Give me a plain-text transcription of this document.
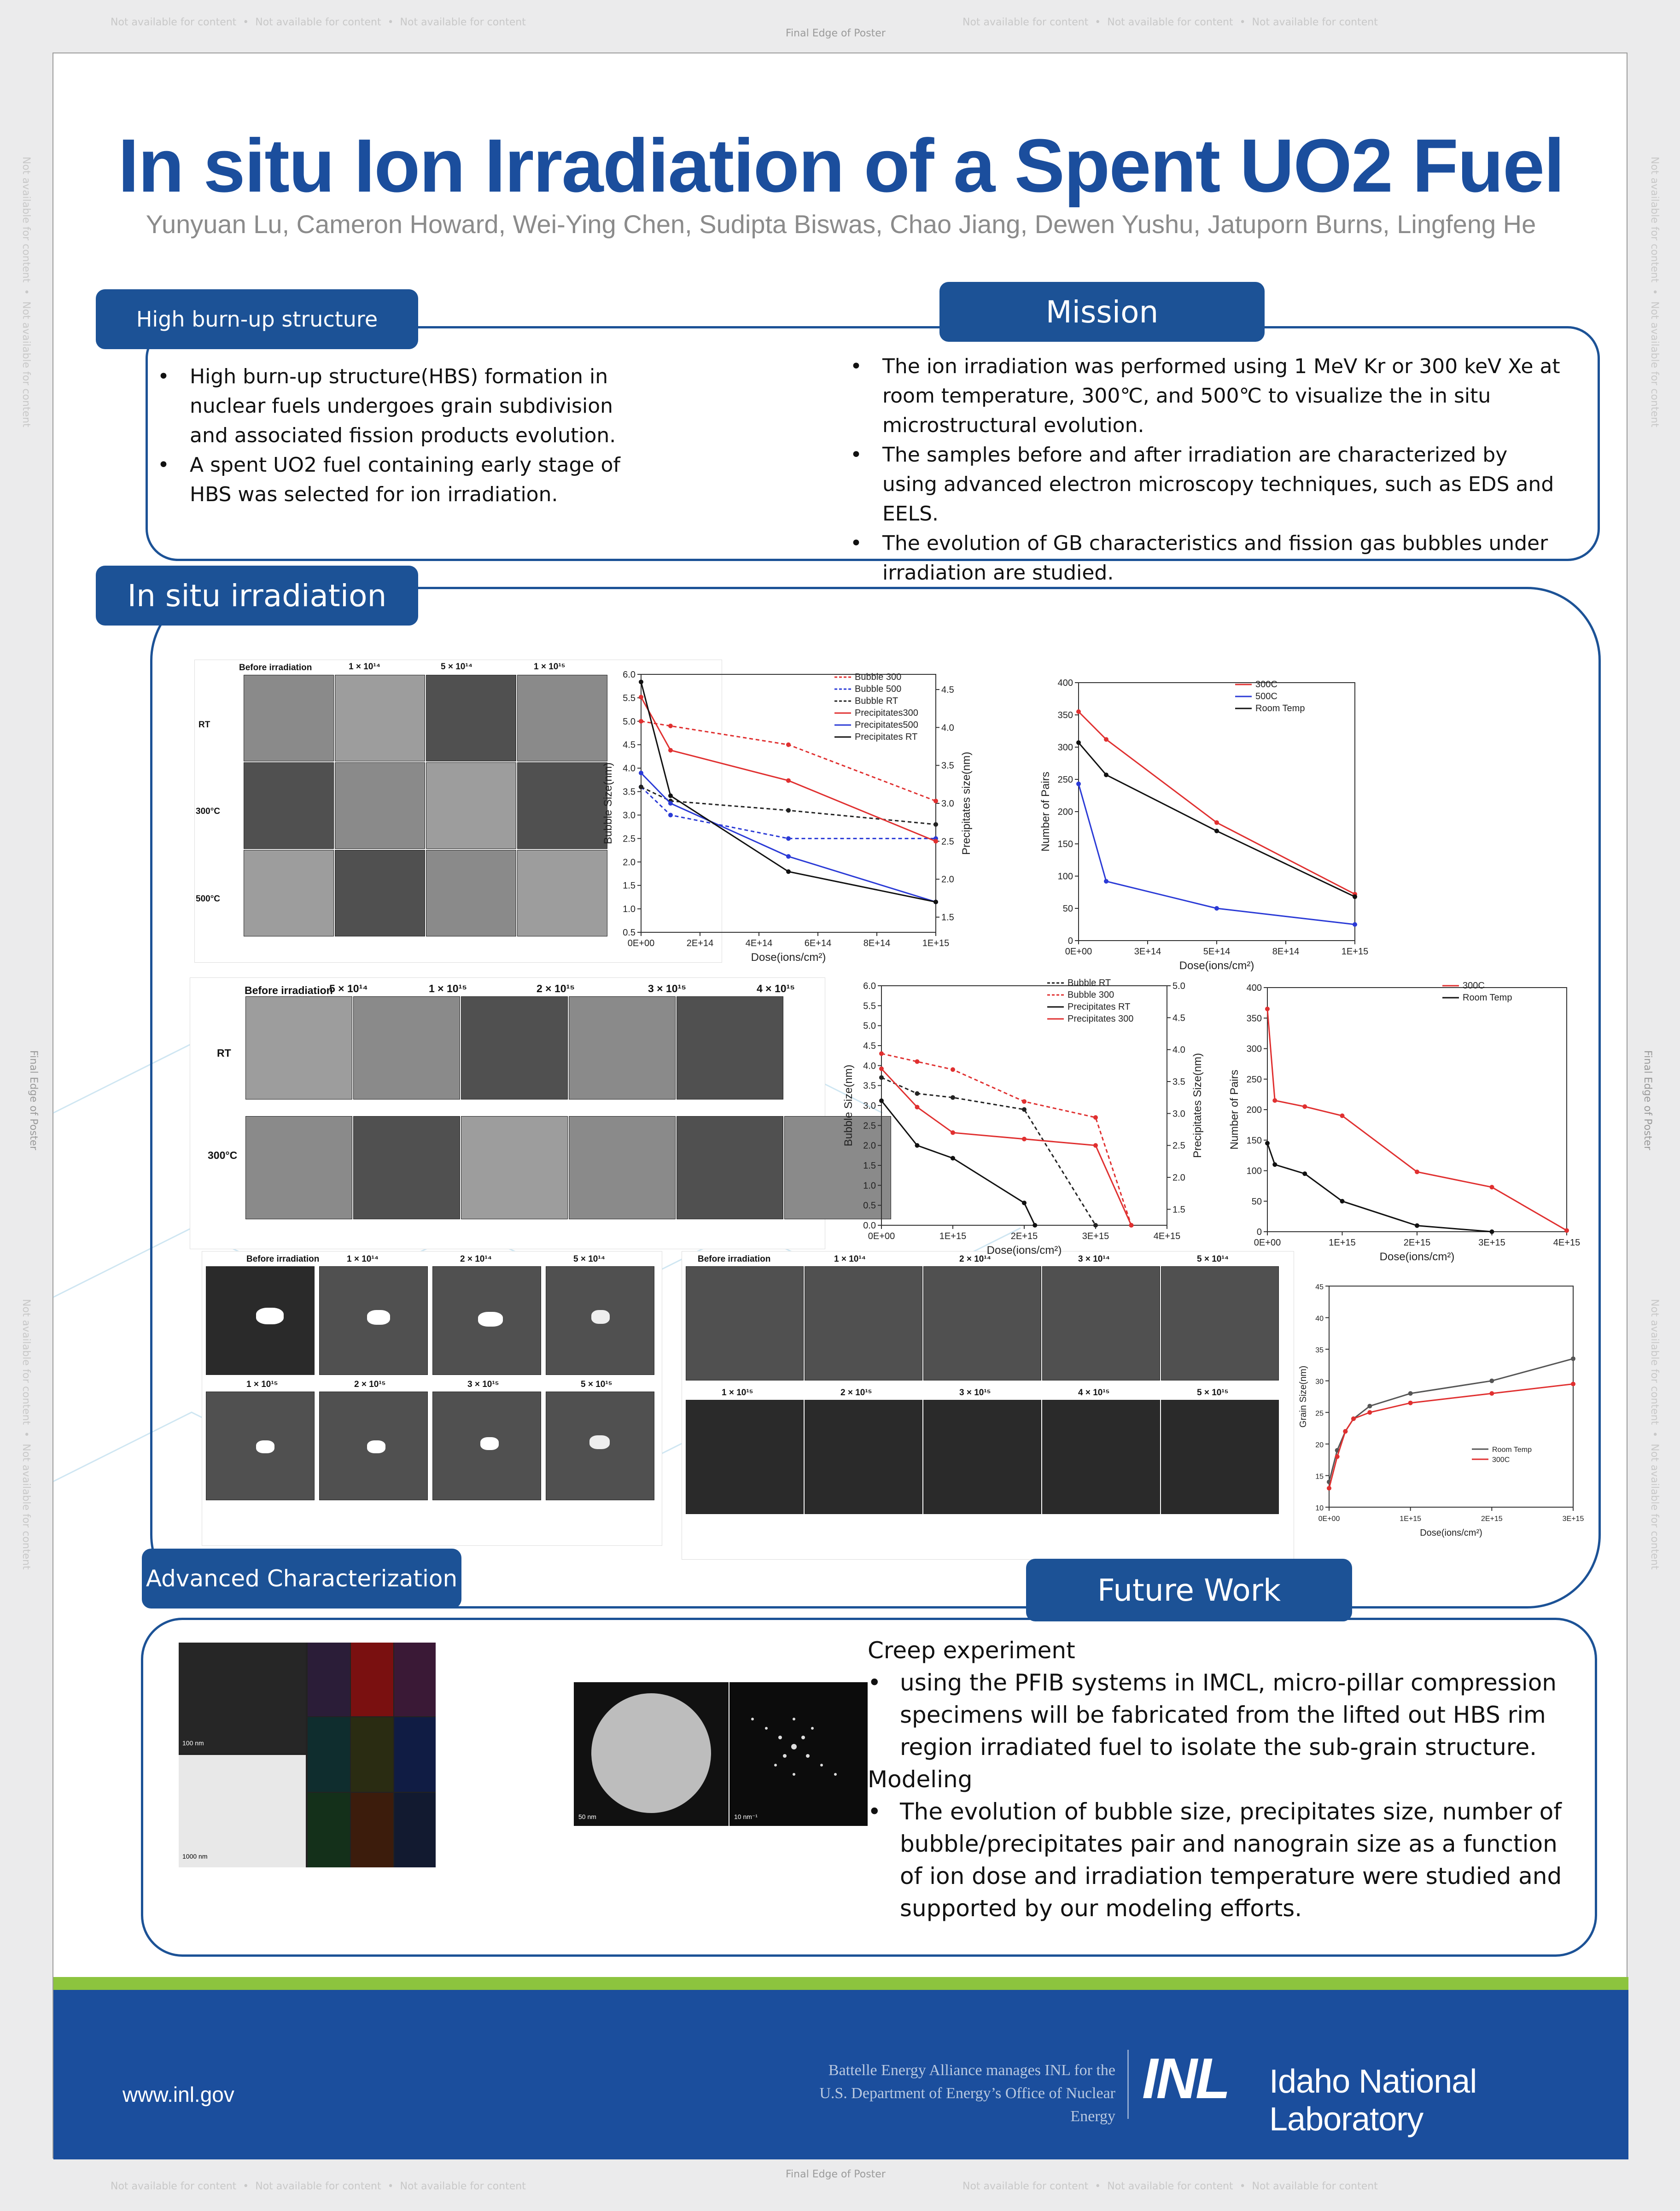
Not available for content  •  Not available for content  •  Not available for content	Not available for content  •  Not available for content  •  Not available for content
Final Edge of Poster
Final Edge of Poster
Not available for content  •  Not available for content  •  Not available for content	Not available for content  •  Not available for content  •  Not available for content
Not available for content  •  Not available for content
Final Edge of Poster
Not available for content  •  Not available for content
Not available for content  •  Not available for content
Final Edge of Poster
Not available for content  •  Not available for content
In situ Ion Irradiation of a Spent UO2 Fuel
Yunyuan Lu, Cameron Howard, Wei-Ying Chen, Sudipta Biswas, Chao Jiang, Dewen Yushu, Jatuporn Burns, Lingfeng He
High burn-up structure	Mission
• High burn-up structure(HBS) formation in nuclear fuels undergoes grain subdivision and associated fission products evolution.
• A spent UO2 fuel containing early stage of HBS was selected for ion irradiation.
• The ion irradiation was performed using 1 MeV Kr or 300 keV Xe at room temperature, 300℃, and 500℃ to visualize the in situ microstructural evolution.
• The samples before and after irradiation are characterized by using advanced electron microscopy techniques, such as EDS and EELS.
• The evolution of GB characteristics and fission gas bubbles under irradiation are studied.
In situ irradiation
Before irradiation	1 × 10¹⁴	5 × 10¹⁴	1 × 10¹⁵
RT
300°C
500°C
Before irradiation
5 × 10¹⁴	1 × 10¹⁵	2 × 10¹⁵	3 × 10¹⁵	4 × 10¹⁵
RT
300°C
Before irradiation	1 × 10¹⁴	2 × 10¹⁴	5 × 10¹⁴
1 × 10¹⁵	2 × 10¹⁵	3 × 10¹⁵	5 × 10¹⁵
Before irradiation	1 × 10¹⁴	2 × 10¹⁴	3 × 10¹⁴	5 × 10¹⁴
1 × 10¹⁵	2 × 10¹⁵	3 × 10¹⁵	4 × 10¹⁵	5 × 10¹⁵
0E+00	2E+14	4E+14	6E+14	8E+14	1E+15
0.5
1.0
1.5
2.0
2.5
3.0
3.5
4.0
4.5
5.0
5.5
6.0
1.5
2.0
2.5
3.0
3.5
4.0
4.5
Precipitates size(nm)
Dose(ions/cm²)
Bubble Size(nm)
Bubble 300
Bubble 500
Bubble RT
Precipitates300
Precipitates500
Precipitates RT
0E+00	3E+14	5E+14	8E+14	1E+15
0
50
100
150
200
250
300
350
400
Dose(ions/cm²)
Number of Pairs
300C
500C
Room Temp
0E+00	1E+15	2E+15	3E+15	4E+15
0.0
0.5
1.0
1.5
2.0
2.5
3.0
3.5
4.0
4.5
5.0
5.5
6.0
1.5
2.0
2.5
3.0
3.5
4.0
4.5
5.0
Precipitates Size(nm)
Dose(ions/cm²)
Bubble Size(nm)
Bubble RT
Bubble 300
Precipitates RT
Precipitates 300
0E+00	1E+15	2E+15	3E+15	4E+15
0
50
100
150
200
250
300
350
400
Dose(ions/cm²)
Number of Pairs
300C
Room Temp
0E+00	1E+15	2E+15	3E+15
10
15
20
25
30
35
40
45
Dose(ions/cm²)
Grain Size(nm)
Room Temp
300C
Advanced Characterization	Future Work
100 nm
1000 nm
50 nm	10 nm⁻¹
Creep experiment
• using the PFIB systems in IMCL, micro-pillar compression specimens will be fabricated from the lifted out HBS rim region irradiated fuel to isolate the sub-grain structure.
Modeling
• The evolution of bubble size, precipitates size, number of bubble/precipitates pair and nanograin size as a function of ion dose and irradiation temperature were studied and supported by our modeling efforts.
www.inl.gov
Battelle Energy Alliance manages INL for the
U.S. Department of Energy’s Office of Nuclear Energy
INL Idaho National Laboratory
